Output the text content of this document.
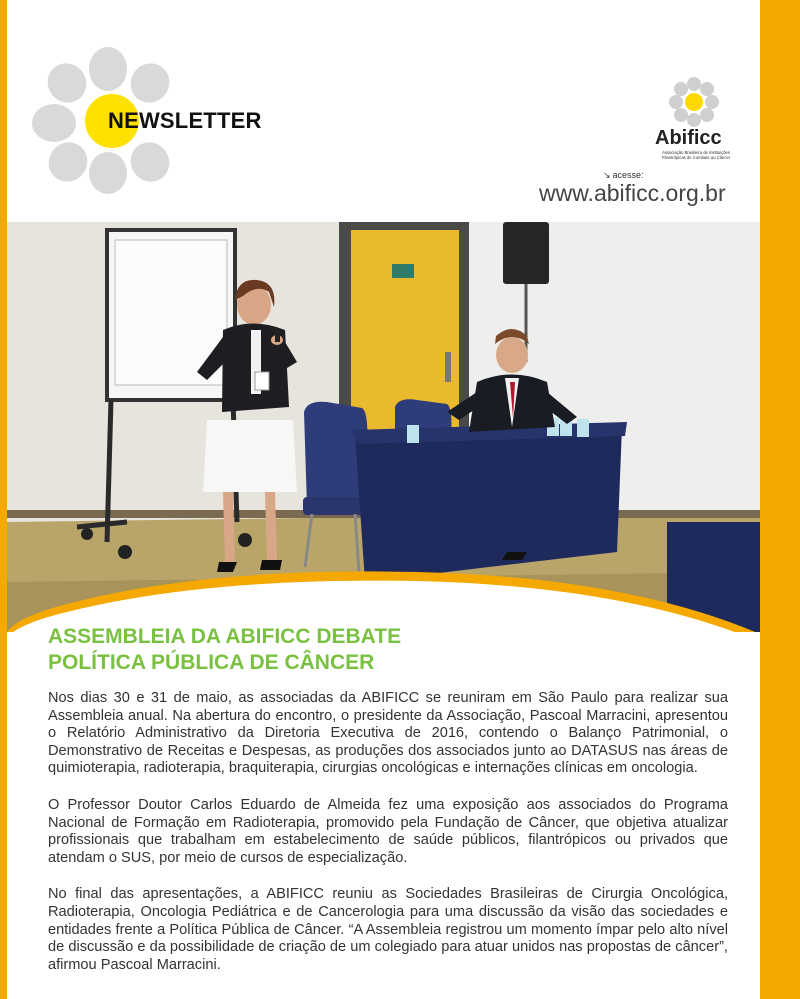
NEWSLETTER
Abificc
Associação Brasileira de Instituições Filantrópicas de Combate ao Câncer
↘ acesse:
www.abificc.org.br
ASSEMBLEIA DA ABIFICC DEBATE
POLÍTICA PÚBLICA DE CÂNCER

Nos dias 30 e 31 de maio, as associadas da ABIFICC se reuniram em São Paulo para realizar sua Assembleia anual. Na abertura do encontro, o presidente da Associação, Pascoal Marracini, apresentou o Relatório Administrativo da Diretoria Executiva de 2016, contendo o Balanço Patrimonial, o Demonstrativo de Receitas e Despesas, as produções dos associados junto ao DATASUS nas áreas de quimioterapia, radioterapia, braquiterapia, cirurgias oncológicas e internações clínicas em oncologia.

O Professor Doutor Carlos Eduardo de Almeida fez uma exposição aos associados do Programa Nacional de Formação em Radioterapia, promovido pela Fundação de Câncer, que objetiva atualizar profissionais que trabalham em estabelecimento de saúde públicos, filantrópicos ou privados que atendam o SUS, por meio de cursos de especialização.

No final das apresentações, a ABIFICC reuniu as Sociedades Brasileiras de Cirurgia Oncológica, Radioterapia, Oncologia Pediátrica e de Cancerologia para uma discussão da visão das sociedades e entidades frente a Política Pública de Câncer. “A Assembleia registrou um momento ímpar pelo alto nível de discussão e da possibilidade de criação de um colegiado para atuar unidos nas propostas de câncer”, afirmou Pascoal Marracini.
